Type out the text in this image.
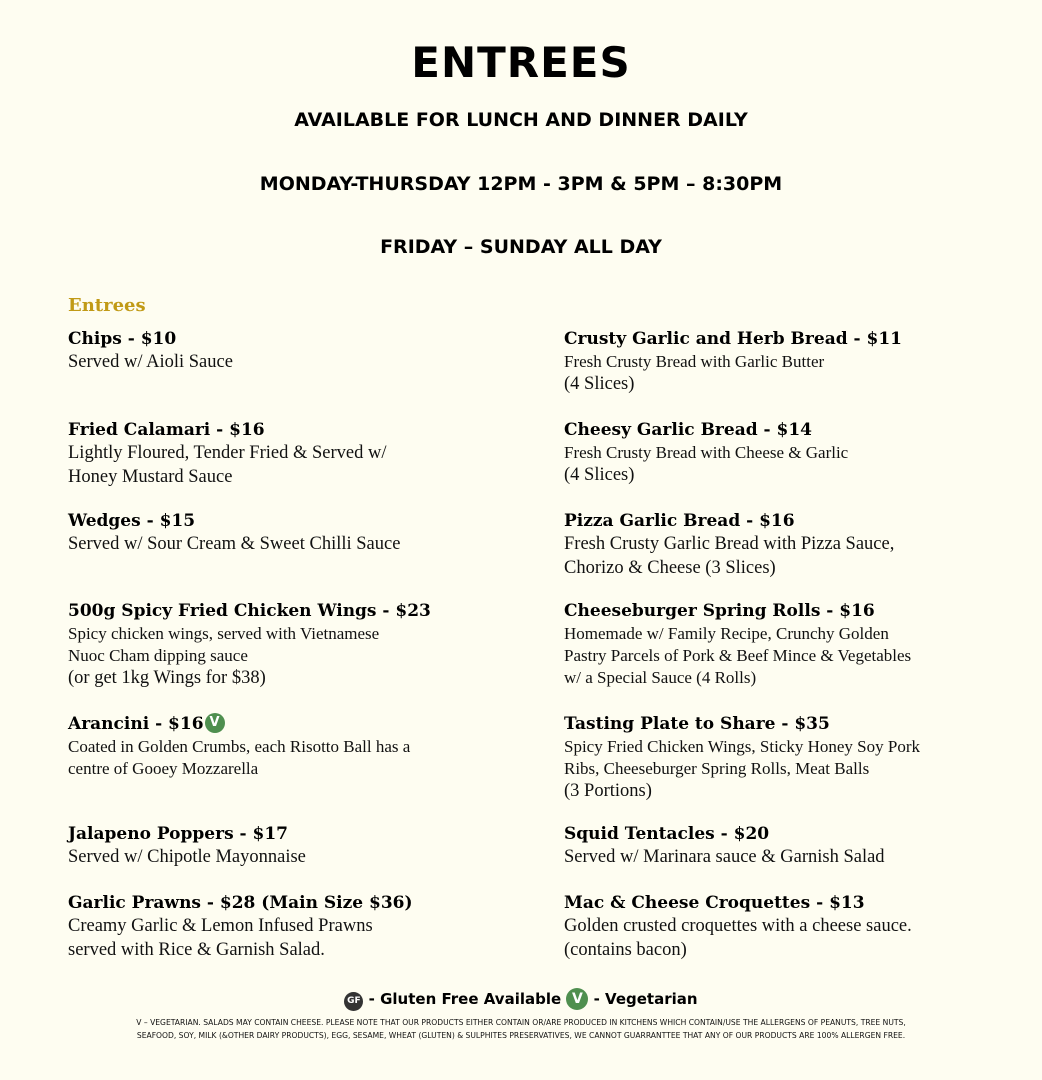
ENTREES
AVAILABLE FOR LUNCH AND DINNER DAILY
MONDAY-THURSDAY 12PM - 3PM & 5PM – 8:30PM
FRIDAY – SUNDAY ALL DAY
Entrees
Chips - $10
Served w/ Aioli Sauce
Fried Calamari - $16
Lightly Floured, Tender Fried & Served w/
Honey Mustard Sauce
Wedges - $15
Served w/ Sour Cream & Sweet Chilli Sauce
500g Spicy Fried Chicken Wings - $23
Spicy chicken wings, served with Vietnamese
Nuoc Cham dipping sauce
(or get 1kg Wings for $38)
Arancini - $16 V
Coated in Golden Crumbs, each Risotto Ball has a
centre of Gooey Mozzarella
Jalapeno Poppers - $17
Served w/ Chipotle Mayonnaise
Garlic Prawns - $28 (Main Size $36)
Creamy Garlic & Lemon Infused Prawns
served with Rice & Garnish Salad.
Crusty Garlic and Herb Bread - $11
Fresh Crusty Bread with Garlic Butter
(4 Slices)
Cheesy Garlic Bread - $14
Fresh Crusty Bread with Cheese & Garlic
(4 Slices)
Pizza Garlic Bread - $16
Fresh Crusty Garlic Bread with Pizza Sauce,
Chorizo & Cheese (3 Slices)
Cheeseburger Spring Rolls - $16
Homemade w/ Family Recipe, Crunchy Golden
Pastry Parcels of Pork & Beef Mince & Vegetables
w/ a Special Sauce (4 Rolls)
Tasting Plate to Share - $35
Spicy Fried Chicken Wings, Sticky Honey Soy Pork
Ribs, Cheeseburger Spring Rolls, Meat Balls
(3 Portions)
Squid Tentacles - $20
Served w/ Marinara sauce & Garnish Salad
Mac & Cheese Croquettes - $13
Golden crusted croquettes with a cheese sauce.
(contains bacon)
GF - Gluten Free Available V - Vegetarian
V – VEGETARIAN. SALADS MAY CONTAIN CHEESE. PLEASE NOTE THAT OUR PRODUCTS EITHER CONTAIN OR/ARE PRODUCED IN KITCHENS WHICH CONTAIN/USE THE ALLERGENS OF PEANUTS, TREE NUTS,
SEAFOOD, SOY, MILK (&OTHER DAIRY PRODUCTS), EGG, SESAME, WHEAT (GLUTEN) & SULPHITES PRESERVATIVES, WE CANNOT GUARRANTTEE THAT ANY OF OUR PRODUCTS ARE 100% ALLERGEN FREE.
